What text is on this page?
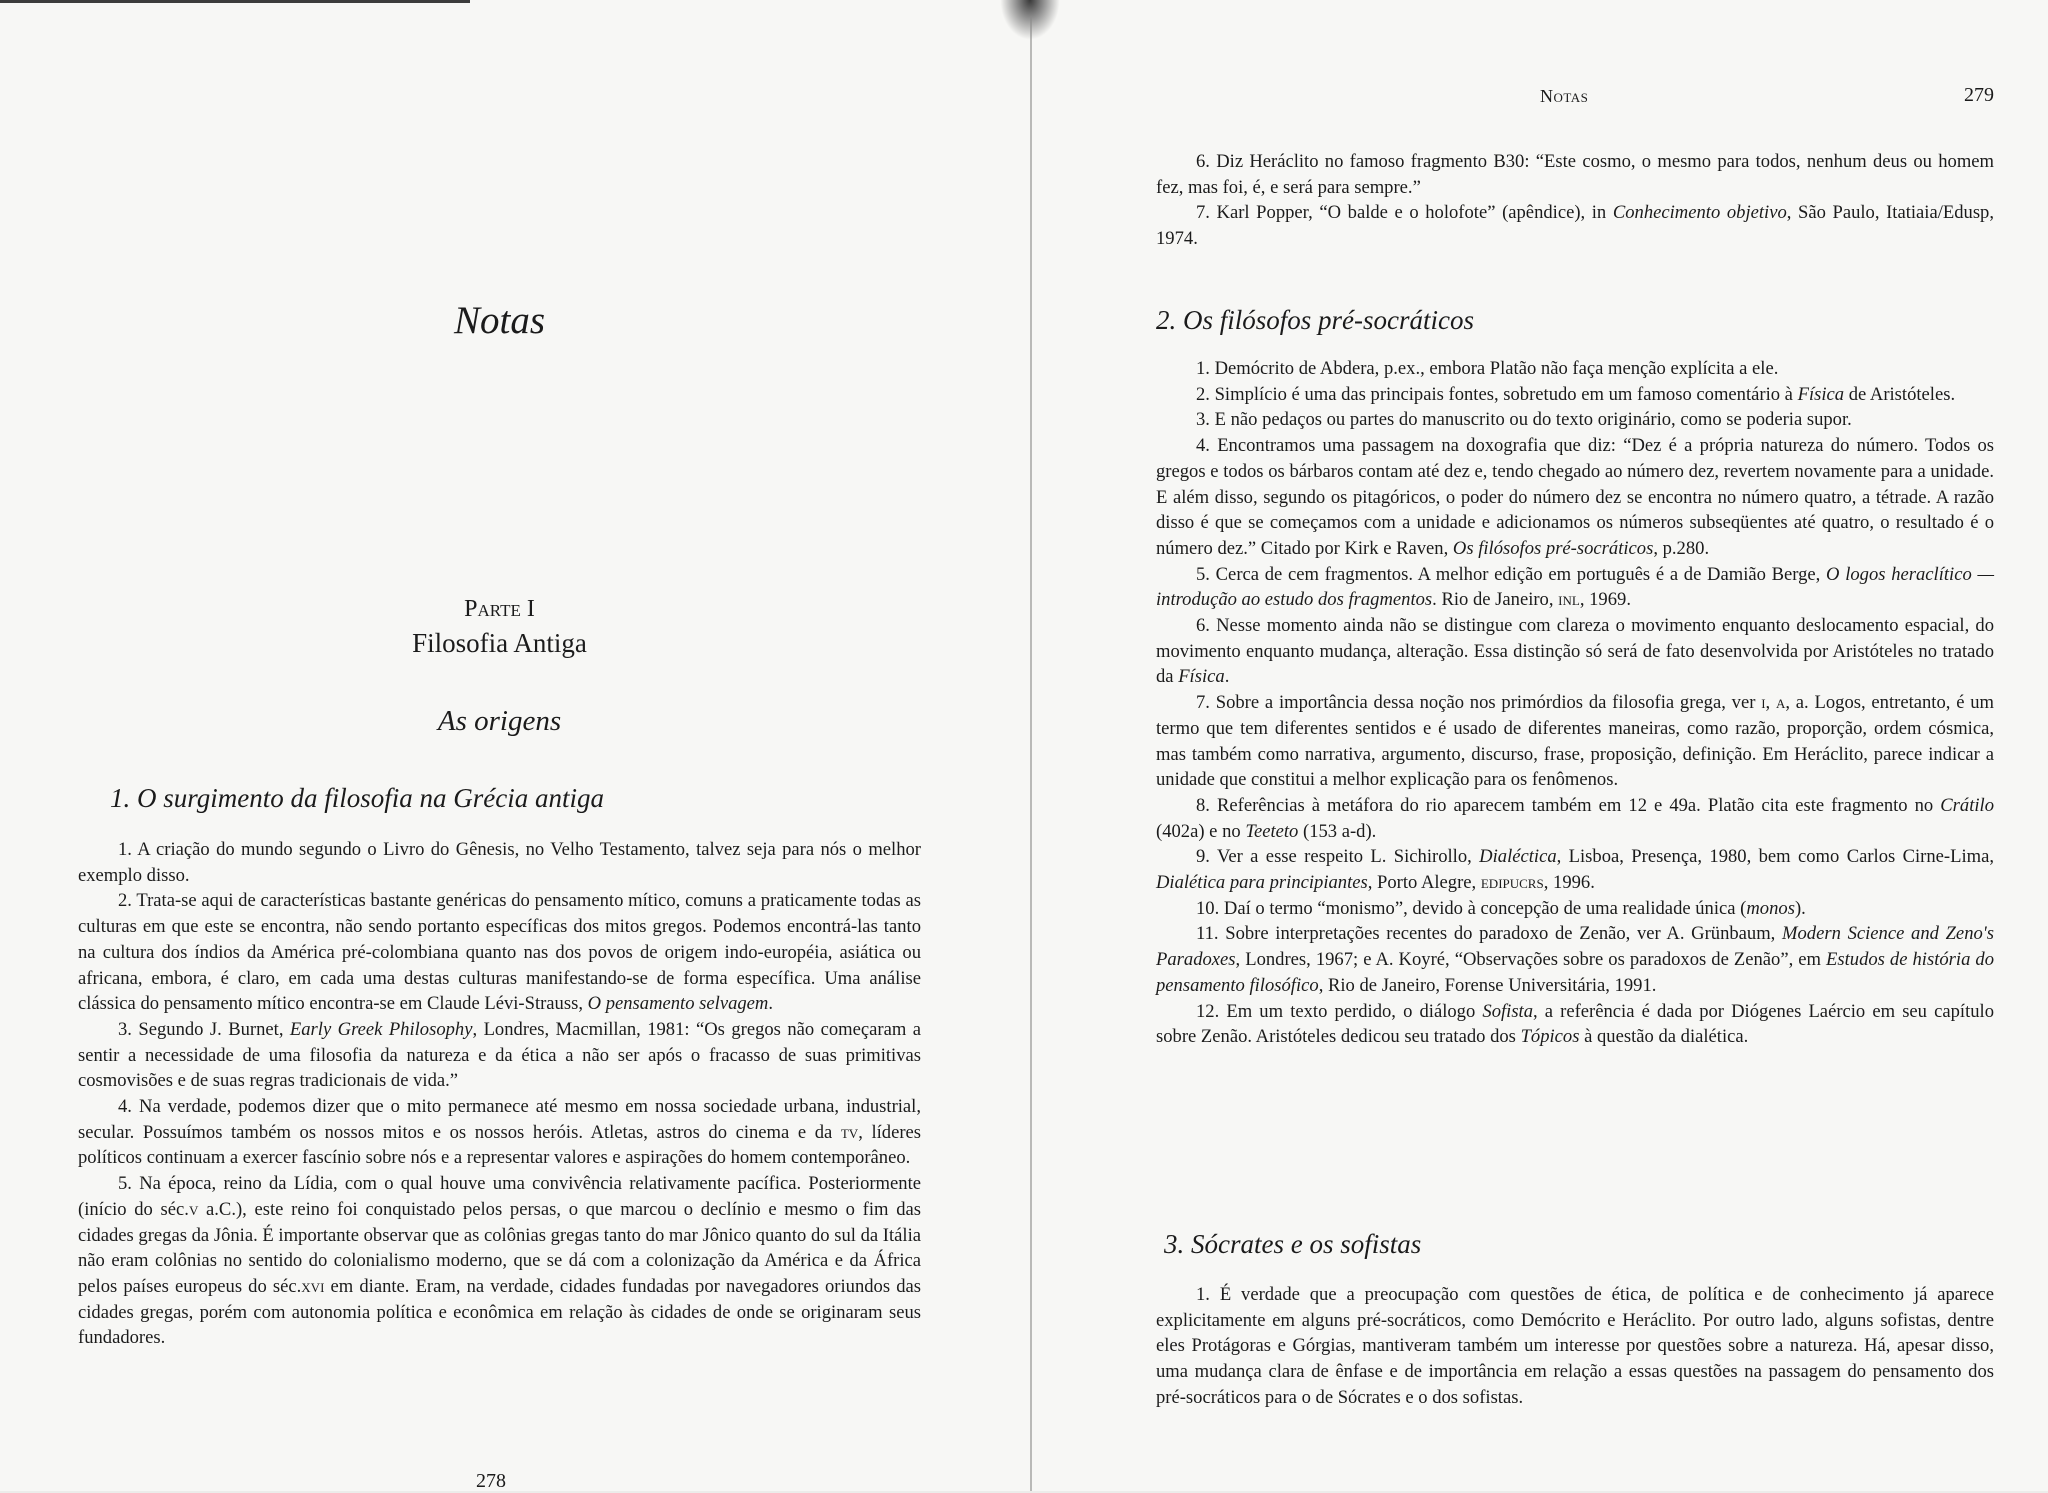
Notas
Parte I
Filosofia Antiga
As origens
1. O surgimento da filosofia na Grécia antiga

1. A criação do mundo segundo o Livro do Gênesis, no Velho Testamento, talvez seja para nós o melhor exemplo disso.

2. Trata-se aqui de características bastante genéricas do pensamento mítico, comuns a praticamente todas as culturas em que este se encontra, não sendo portanto específicas dos mitos gregos. Podemos encontrá-las tanto na cultura dos índios da América pré-colombiana quanto nas dos povos de origem indo-européia, asiática ou africana, embora, é claro, em cada uma destas culturas manifestando-se de forma específica. Uma análise clássica do pensamento mítico encontra-se em Claude Lévi-Strauss, O pensamento selvagem.

3. Segundo J. Burnet, Early Greek Philosophy, Londres, Macmillan, 1981: “Os gregos não começaram a sentir a necessidade de uma filosofia da natureza e da ética a não ser após o fracasso de suas primitivas cosmovisões e de suas regras tradicionais de vida.”

4. Na verdade, podemos dizer que o mito permanece até mesmo em nossa sociedade urbana, industrial, secular. Possuímos também os nossos mitos e os nossos heróis. Atletas, astros do cinema e da tv, líderes políticos continuam a exercer fascínio sobre nós e a representar valores e aspirações do homem contemporâneo.

5. Na época, reino da Lídia, com o qual houve uma convivência relativamente pacífica. Posteriormente (início do séc.v a.C.), este reino foi conquistado pelos persas, o que marcou o declínio e mesmo o fim das cidades gregas da Jônia. É importante observar que as colônias gregas tanto do mar Jônico quanto do sul da Itália não eram colônias no sentido do colonialismo moderno, que se dá com a colonização da América e da África pelos países europeus do séc.xvi em diante. Eram, na verdade, cidades fundadas por navegadores oriundos das cidades gregas, porém com autonomia política e econômica em relação às cidades de onde se originaram seus fundadores.

278
Notas	279

6. Diz Heráclito no famoso fragmento B30: “Este cosmo, o mesmo para todos, nenhum deus ou homem fez, mas foi, é, e será para sempre.”

7. Karl Popper, “O balde e o holofote” (apêndice), in Conhecimento objetivo, São Paulo, Itatiaia/Edusp, 1974.

2. Os filósofos pré-socráticos

1. Demócrito de Abdera, p.ex., embora Platão não faça menção explícita a ele.

2. Simplício é uma das principais fontes, sobretudo em um famoso comentário à Física de Aristóteles.

3. E não pedaços ou partes do manuscrito ou do texto originário, como se poderia supor.

4. Encontramos uma passagem na doxografia que diz: “Dez é a própria natureza do número. Todos os gregos e todos os bárbaros contam até dez e, tendo chegado ao número dez, revertem novamente para a unidade. E além disso, segundo os pitagóricos, o poder do número dez se encontra no número quatro, a tétrade. A razão disso é que se começamos com a unidade e adicionamos os números subseqüentes até quatro, o resultado é o número dez.” Citado por Kirk e Raven, Os filósofos pré-socráticos, p.280.

5. Cerca de cem fragmentos. A melhor edição em português é a de Damião Berge, O logos heraclítico — introdução ao estudo dos fragmentos. Rio de Janeiro, inl, 1969.

6. Nesse momento ainda não se distingue com clareza o movimento enquanto deslocamento espacial, do movimento enquanto mudança, alteração. Essa distinção só será de fato desenvolvida por Aristóteles no tratado da Física.

7. Sobre a importância dessa noção nos primórdios da filosofia grega, ver i, a, a. Logos, entretanto, é um termo que tem diferentes sentidos e é usado de diferentes maneiras, como razão, proporção, ordem cósmica, mas também como narrativa, argumento, discurso, frase, proposição, definição. Em Heráclito, parece indicar a unidade que constitui a melhor explicação para os fenômenos.

8. Referências à metáfora do rio aparecem também em 12 e 49a. Platão cita este fragmento no Crátilo (402a) e no Teeteto (153 a-d).

9. Ver a esse respeito L. Sichirollo, Dialéctica, Lisboa, Presença, 1980, bem como Carlos Cirne-Lima, Dialética para principiantes, Porto Alegre, edipucrs, 1996.

10. Daí o termo “monismo”, devido à concepção de uma realidade única (monos).

11. Sobre interpretações recentes do paradoxo de Zenão, ver A. Grünbaum, Modern Science and Zeno's Paradoxes, Londres, 1967; e A. Koyré, “Observações sobre os paradoxos de Zenão”, em Estudos de história do pensamento filosófico, Rio de Janeiro, Forense Universitária, 1991.

12. Em um texto perdido, o diálogo Sofista, a referência é dada por Diógenes Laércio em seu capítulo sobre Zenão. Aristóteles dedicou seu tratado dos Tópicos à questão da dialética.

3. Sócrates e os sofistas

1. É verdade que a preocupação com questões de ética, de política e de conhecimento já aparece explicitamente em alguns pré-socráticos, como Demócrito e Heráclito. Por outro lado, alguns sofistas, dentre eles Protágoras e Górgias, mantiveram também um interesse por questões sobre a natureza. Há, apesar disso, uma mudança clara de ênfase e de importância em relação a essas questões na passagem do pensamento dos pré-socráticos para o de Sócrates e o dos sofistas.
